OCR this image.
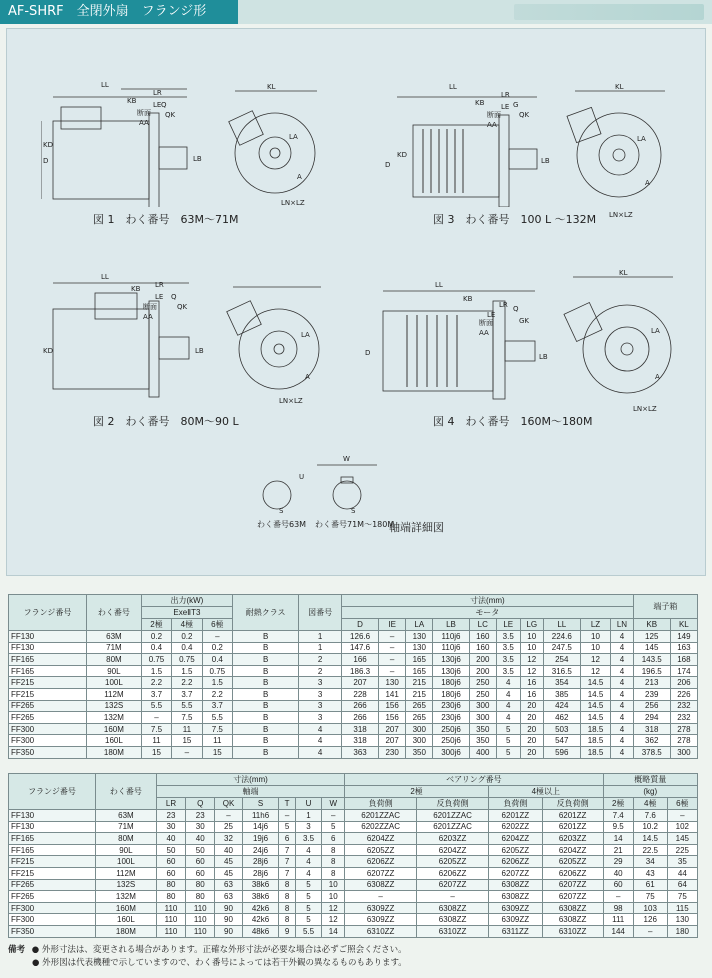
AF-SHRF　全閉外扇　フランジ形
LL
KB
LR
LE
断面
AA
Q
QK
D
KD
LB
KL
LA
A
LN×LZ
図 1　わく番号　63M～71M
LL
KB
LR
LE
断面
AA
G
QK
D
KD
LB
KL
LA
A
LN×LZ
図 3　わく番号　100 L ～132M
LL
KB LR
LE
断面
AA
Q
QK
KD	LB
LA
A
LN×LZ
図 2　わく番号　80M～90 L
LL
KB
LR
LE
断面
AA
Q
GK
D	LB
KL
LA
A
LN×LZ
図 4　わく番号　160M～180M
W
U
S	S
わく番号63M わく番号71M～180M
軸端詳細図
フランジ番号	わく番号	出力(kW)			耐熱クラス	図番号	寸法(mm)										端子箱	
		ExeⅡT3					モータ											
		2極	4極	6極			D	IE	LA	LB	LC	LE	LG	LL	LZ	LN	KB	KL
FF130	63M	0.2	0.2	–	B	1	126.6	–	130	110j6	160	3.5	10	224.6	10	4	125	149
FF130	71M	0.4	0.4	0.2	B	1	147.6	–	130	110j6	160	3.5	10	247.5	10	4	145	163
FF165	80M	0.75	0.75	0.4	B	2	166	–	165	130j6	200	3.5	12	254	12	4	143.5	168
FF165	90L	1.5	1.5	0.75	B	2	186.3	–	165	130j6	200	3.5	12	316.5	12	4	196.5	174
FF215	100L	2.2	2.2	1.5	B	3	207	130	215	180j6	250	4	16	354	14.5	4	213	206
FF215	112M	3.7	3.7	2.2	B	3	228	141	215	180j6	250	4	16	385	14.5	4	239	226
FF265	132S	5.5	5.5	3.7	B	3	266	156	265	230j6	300	4	20	424	14.5	4	256	232
FF265	132M	–	7.5	5.5	B	3	266	156	265	230j6	300	4	20	462	14.5	4	294	232
FF300	160M	7.5	11	7.5	B	4	318	207	300	250j6	350	5	20	503	18.5	4	318	278
FF300	160L	11	15	11	B	4	318	207	300	250j6	350	5	20	547	18.5	4	362	278
FF350	180M	15	–	15	B	4	363	230	350	300j6	400	5	20	596	18.5	4	378.5	300
フランジ番号	わく番号	寸法(mm)							ベアリング番号				概略質量		
		軸端							2極		4極以上		(kg)		
		LR	Q	QK	S	T	U	W	負荷側	反負荷側	負荷側	反負荷側	2極	4極	6極
FF130	63M	23	23	–	11h6	–	1	–	6201ZZAC	6201ZZAC	6201ZZ	6201ZZ	7.4	7.6	–
FF130	71M	30	30	25	14j6	5	3	5	6202ZZAC	6201ZZAC	6202ZZ	6201ZZ	9.5	10.2	102
FF165	80M	40	40	32	19j6	6	3.5	6	6204ZZ	6203ZZ	6204ZZ	6203ZZ	14	14.5	145
FF165	90L	50	50	40	24j6	7	4	8	6205ZZ	6204ZZ	6205ZZ	6204ZZ	21	22.5	225
FF215	100L	60	60	45	28j6	7	4	8	6206ZZ	6205ZZ	6206ZZ	6205ZZ	29	34	35
FF215	112M	60	60	45	28j6	7	4	8	6207ZZ	6206ZZ	6207ZZ	6206ZZ	40	43	44
FF265	132S	80	80	63	38k6	8	5	10	6308ZZ	6207ZZ	6308ZZ	6207ZZ	60	61	64
FF265	132M	80	80	63	38k6	8	5	10	–	–	6308ZZ	6207ZZ	–	75	75
FF300	160M	110	110	90	42k6	8	5	12	6309ZZ	6308ZZ	6309ZZ	6308ZZ	98	103	115
FF300	160L	110	110	90	42k6	8	5	12	6309ZZ	6308ZZ	6309ZZ	6308ZZ	111	126	130
FF350	180M	110	110	90	48k6	9	5.5	14	6310ZZ	6310ZZ	6311ZZ	6310ZZ	144	–	180
備考 ● 外形寸法は、変更される場合があります。正確な外形寸法が必要な場合は必ずご照会ください。
● 外形図は代表機種で示していますので、わく番号によっては若干外観の異なるものもあります。
